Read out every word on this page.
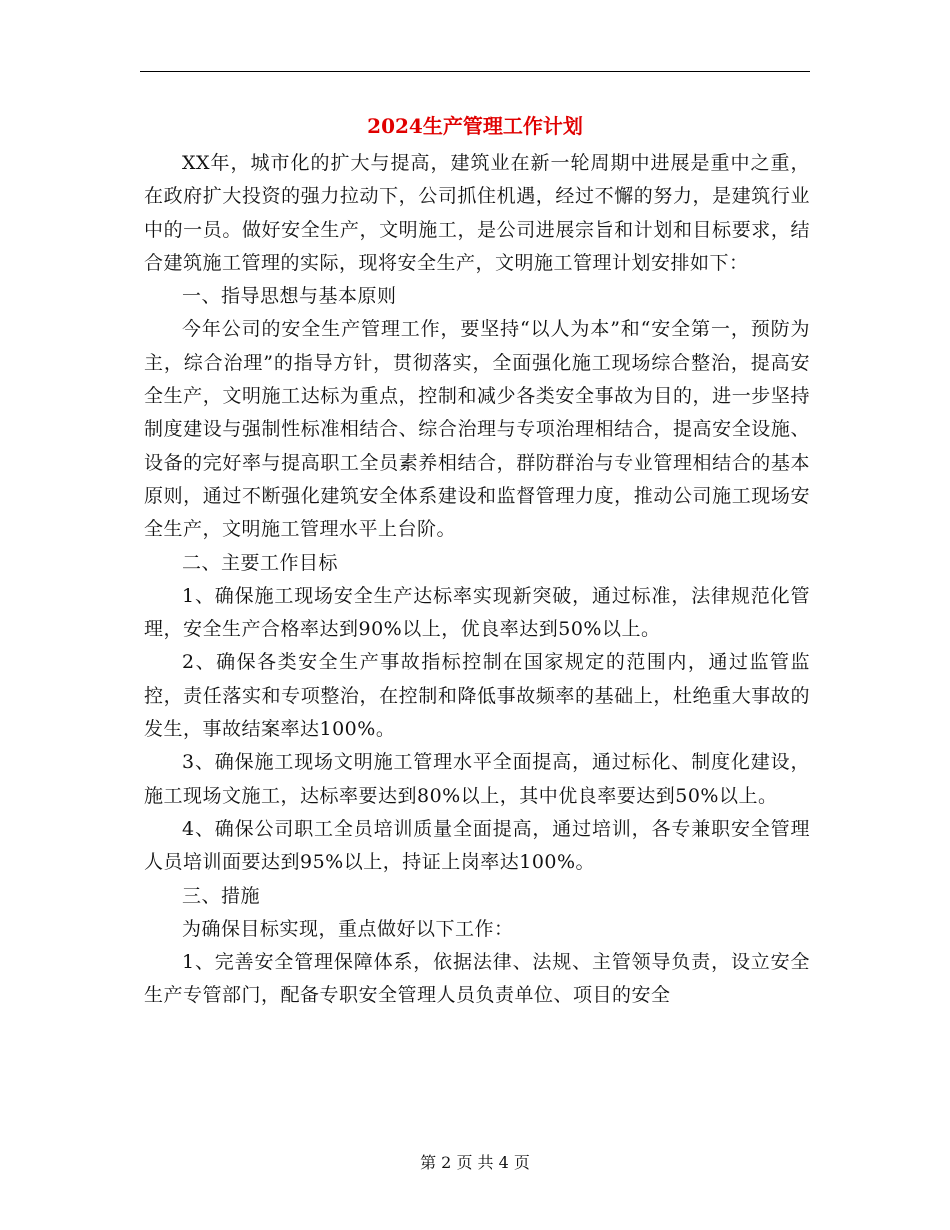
2024生产管理工作计划

XX年，城市化的扩大与提高，建筑业在新一轮周期中进展是重中之重，在政府扩大投资的强力拉动下，公司抓住机遇，经过不懈的努力，是建筑行业中的一员。做好安全生产，文明施工，是公司进展宗旨和计划和目标要求，结合建筑施工管理的实际，现将安全生产，文明施工管理计划安排如下：

一、指导思想与基本原则

今年公司的安全生产管理工作，要坚持“以人为本”和“安全第一，预防为主，综合治理”的指导方针，贯彻落实，全面强化施工现场综合整治，提高安全生产，文明施工达标为重点，控制和减少各类安全事故为目的，进一步坚持制度建设与强制性标准相结合、综合治理与专项治理相结合，提高安全设施、设备的完好率与提高职工全员素养相结合，群防群治与专业管理相结合的基本原则，通过不断强化建筑安全体系建设和监督管理力度，推动公司施工现场安全生产，文明施工管理水平上台阶。

二、主要工作目标

1、确保施工现场安全生产达标率实现新突破，通过标准，法律规范化管理，安全生产合格率达到90%以上，优良率达到50%以上。

2、确保各类安全生产事故指标控制在国家规定的范围内，通过监管监控，责任落实和专项整治，在控制和降低事故频率的基础上，杜绝重大事故的发生，事故结案率达100%。

3、确保施工现场文明施工管理水平全面提高，通过标化、制度化建设，施工现场文施工，达标率要达到80%以上，其中优良率要达到50%以上。

4、确保公司职工全员培训质量全面提高，通过培训，各专兼职安全管理人员培训面要达到95%以上，持证上岗率达100%。

三、措施

为确保目标实现，重点做好以下工作：

1、完善安全管理保障体系，依据法律、法规、主管领导负责，设立安全生产专管部门，配备专职安全管理人员负责单位、项目的安全

第 2 页 共 4 页
